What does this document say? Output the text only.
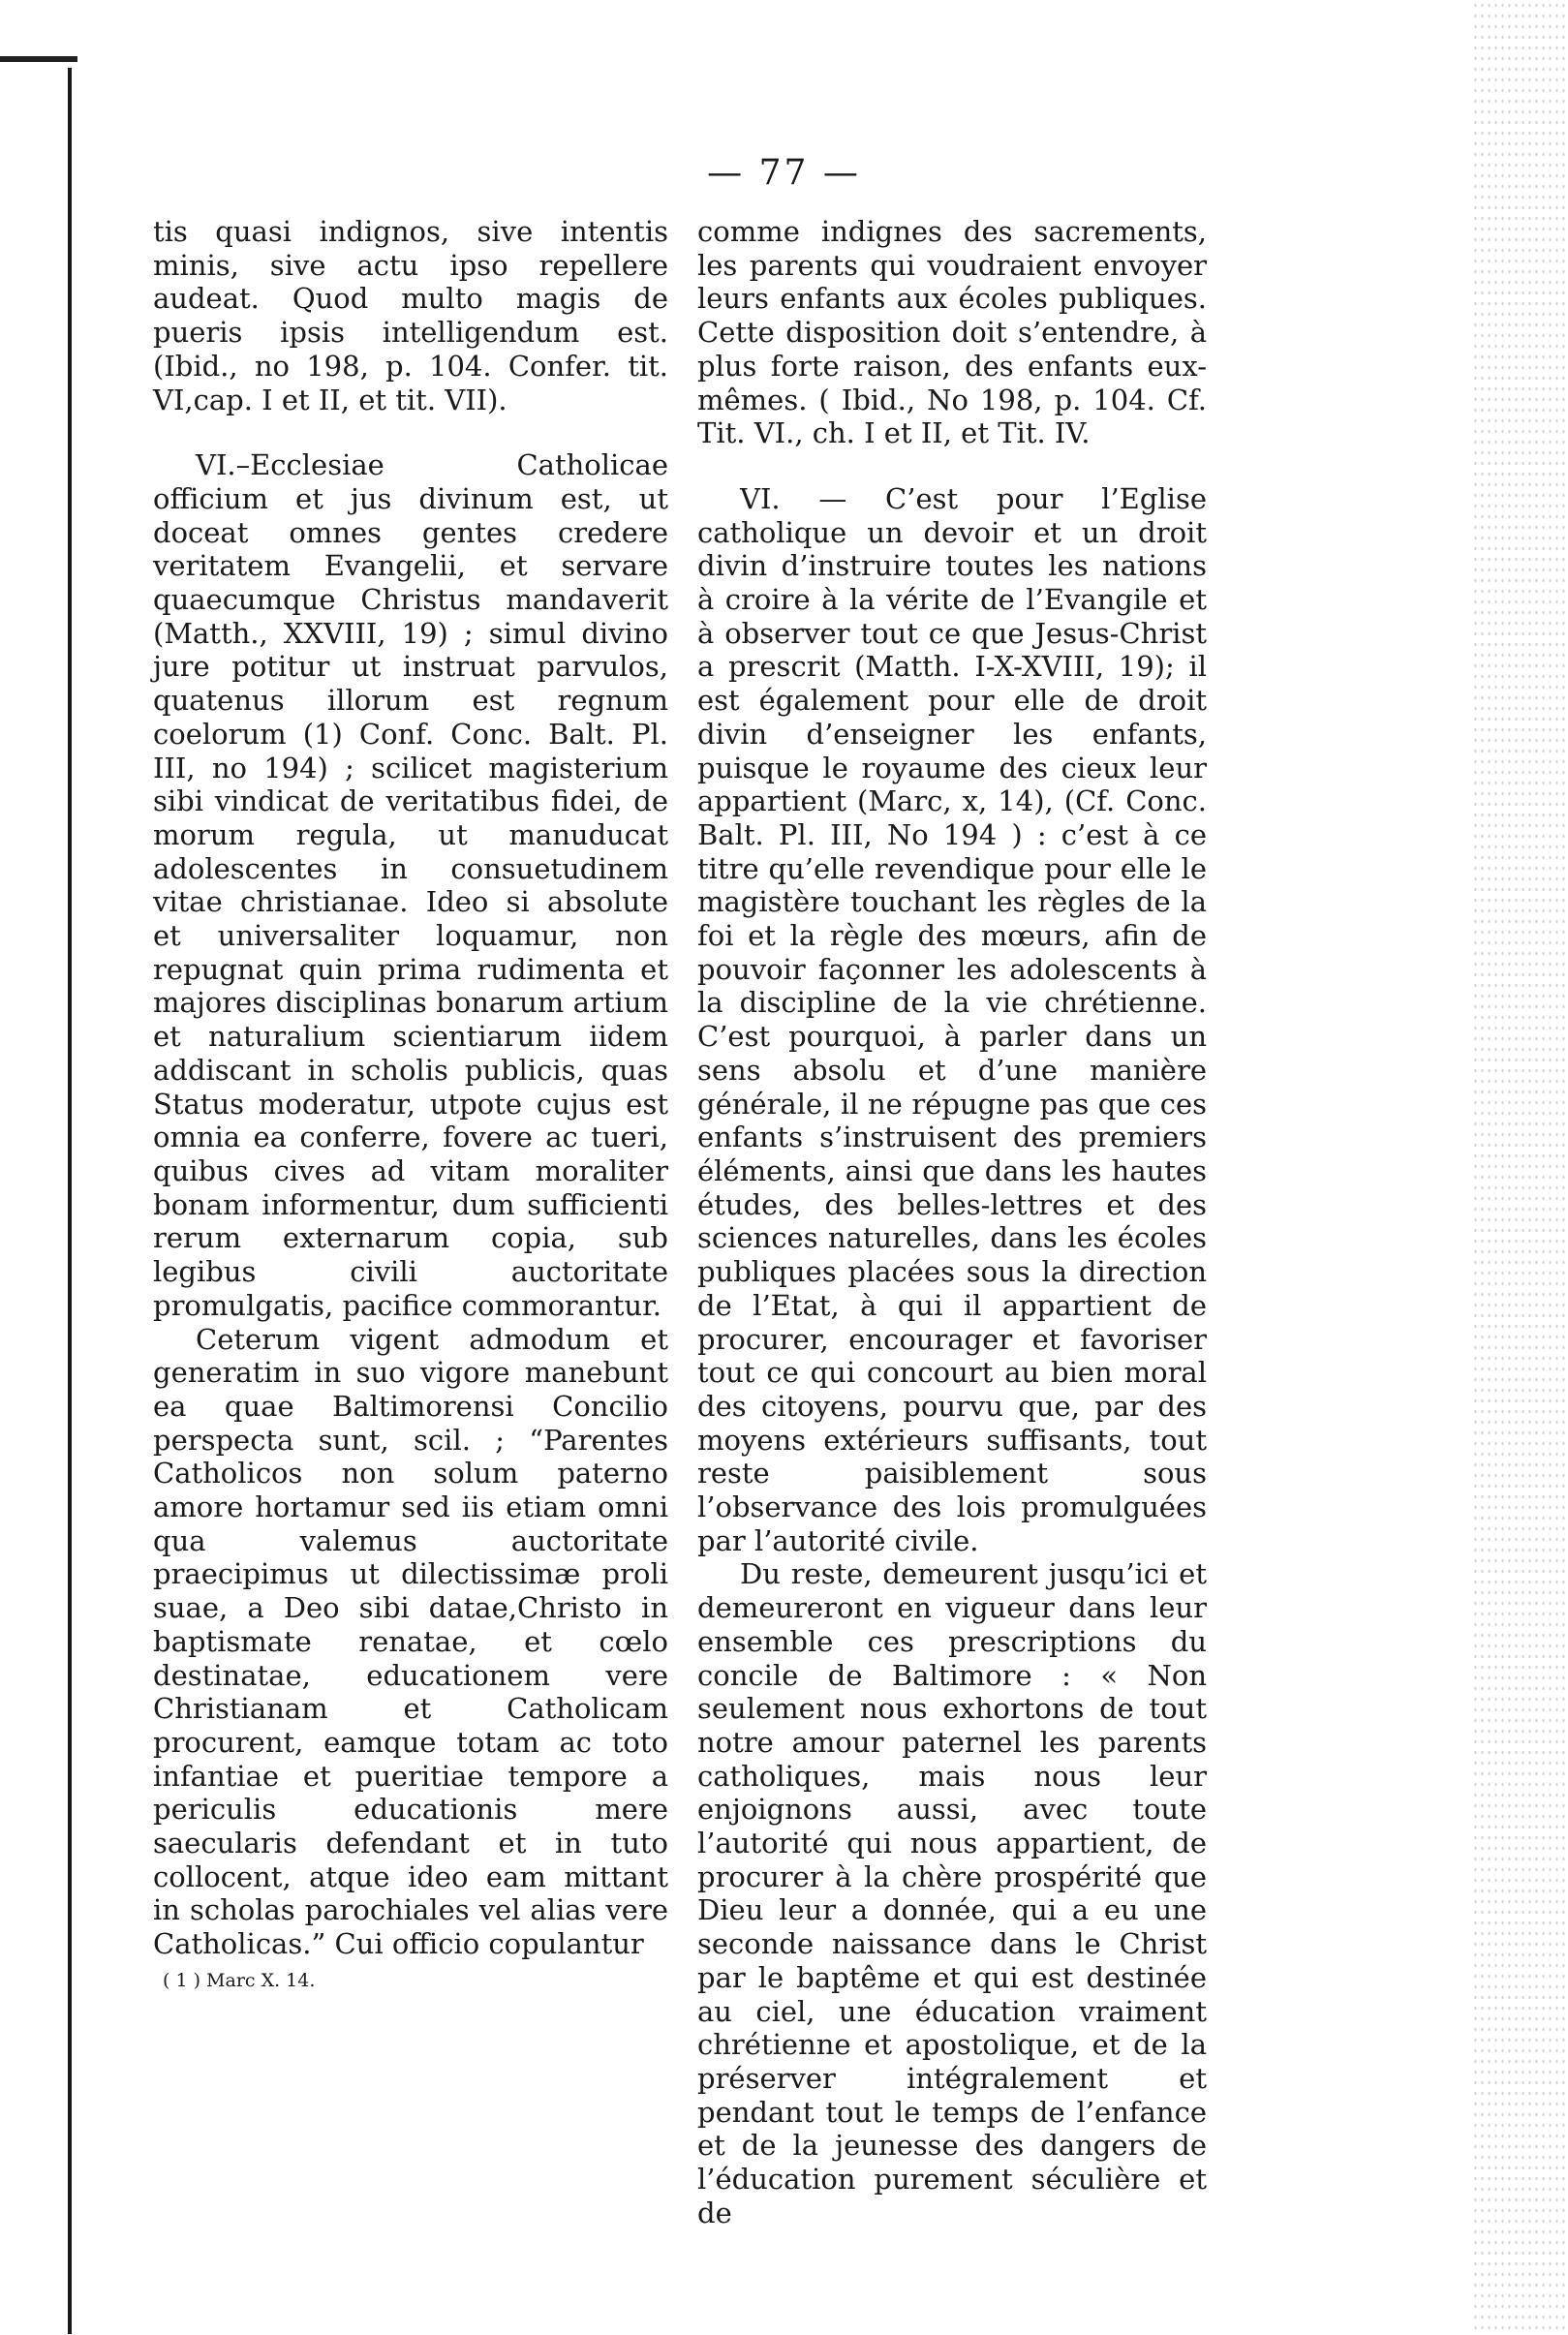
— 77 —

tis quasi indignos, sive intentis minis, sive actu ipso repellere audeat. Quod multo magis de pueris ipsis intelligendum est. (Ibid., no 198, p. 104. Confer. tit. VI,cap. I et II, et tit. VII).

VI.–Ecclesiae Catholicae officium et jus divinum est, ut doceat omnes gentes credere veritatem Evangelii, et servare quaecumque Christus mandaverit (Matth., XXVIII, 19) ; simul divino jure potitur ut instruat parvulos, quatenus illorum est regnum coelorum (1) Conf. Conc. Balt. Pl. III, no 194) ; scilicet magisterium sibi vindicat de veritatibus fidei, de morum regula, ut manuducat adolescentes in consuetudinem vitae christianae. Ideo si absolute et universaliter loquamur, non repugnat quin prima rudimenta et majores disciplinas bonarum artium et naturalium scientiarum iidem addiscant in scholis publicis, quas Status moderatur, utpote cujus est omnia ea conferre, fovere ac tueri, quibus cives ad vitam moraliter bonam informentur, dum sufficienti rerum externarum copia, sub legibus civili auctoritate promulgatis, pacifice commorantur.

Ceterum vigent admodum et generatim in suo vigore manebunt ea quae Baltimorensi Concilio perspecta sunt, scil. ; “Parentes Catholicos non solum paterno amore hortamur sed iis etiam omni qua valemus auctoritate praecipimus ut dilectissimæ proli suae, a Deo sibi datae,Christo in baptismate renatae, et cœlo destinatae, educationem vere Christianam et Catholicam procurent, eamque totam ac toto infantiae et pueritiae tempore a periculis educationis mere saecularis defendant et in tuto collocent, atque ideo eam mittant in scholas parochiales vel alias vere Catholicas.” Cui officio copulantur

( 1 ) Marc X. 14.

comme indignes des sacrements, les parents qui voudraient envoyer leurs enfants aux écoles publiques. Cette disposition doit s’entendre, à plus forte raison, des enfants eux-mêmes. ( Ibid., No 198, p. 104. Cf. Tit. VI., ch. I et II, et Tit. IV.

VI. — C’est pour l’Eglise catholique un devoir et un droit divin d’instruire toutes les nations à croire à la vérite de l’Evangile et à observer tout ce que Jesus-Christ a prescrit (Matth. I-X-XVIII, 19); il est également pour elle de droit divin d’enseigner les enfants, puisque le royaume des cieux leur appartient (Marc, x, 14), (Cf. Conc. Balt. Pl. III, No 194 ) : c’est à ce titre qu’elle revendique pour elle le magistère touchant les règles de la foi et la règle des mœurs, afin de pouvoir façonner les adolescents à la discipline de la vie chrétienne. C’est pourquoi, à parler dans un sens absolu et d’une manière générale, il ne répugne pas que ces enfants s’instruisent des premiers éléments, ainsi que dans les hautes études, des belles-lettres et des sciences naturelles, dans les écoles publiques placées sous la direction de l’Etat, à qui il appartient de procurer, encourager et favoriser tout ce qui concourt au bien moral des citoyens, pourvu que, par des moyens extérieurs suffisants, tout reste paisiblement sous l’observance des lois promulguées par l’autorité civile.

Du reste, demeurent jusqu’ici et demeureront en vigueur dans leur ensemble ces prescriptions du concile de Baltimore : « Non seulement nous exhortons de tout notre amour paternel les parents catholiques, mais nous leur enjoignons aussi, avec toute l’autorité qui nous appartient, de procurer à la chère prospérité que Dieu leur a donnée, qui a eu une seconde naissance dans le Christ par le baptême et qui est destinée au ciel, une éducation vraiment chrétienne et apostolique, et de la préserver intégralement et pendant tout le temps de l’enfance et de la jeunesse des dangers de l’éducation purement séculière et de
